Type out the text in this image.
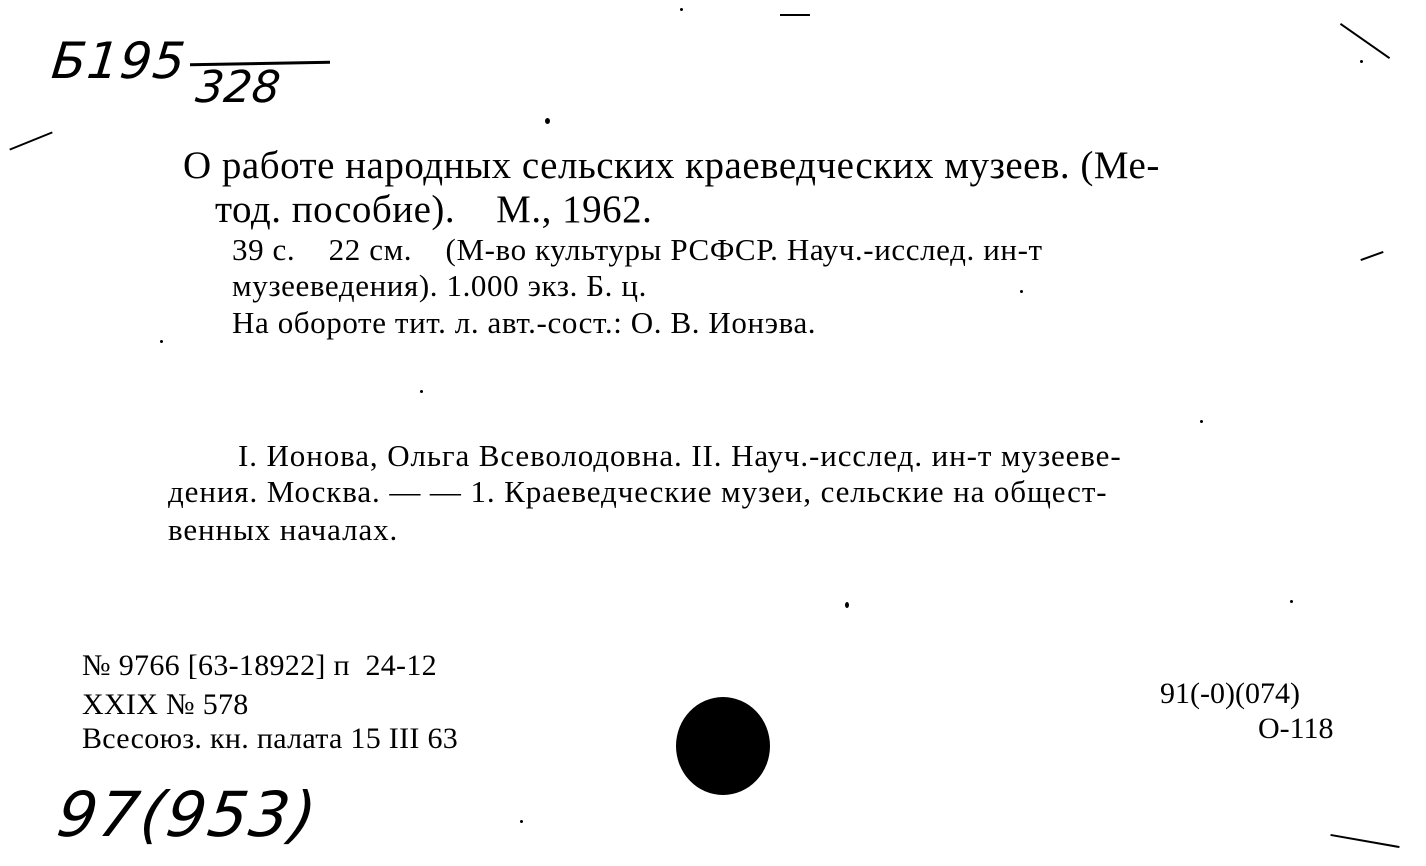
Б195 328
О работе народных сельских краеведческих музеев. (Ме-
тод. пособие).    М., 1962.
39 с.    22 см.    (М-во культуры РСФСР. Науч.-исслед. ин-т
музееведения). 1.000 экз. Б. ц.
На обороте тит. л. авт.-сост.: О. В. Ионэва.
I. Ионова, Ольга Всеволодовна. II. Науч.-исслед. ин-т музееве-
дения. Москва. — — 1. Краеведческие музеи, сельские на общест-
венных началах.
№ 9766 [63-18922] п  24-12
XXIX № 578
Всесоюз. кн. палата 15 III 63
91(-0)(074)
О-118
97(953)
